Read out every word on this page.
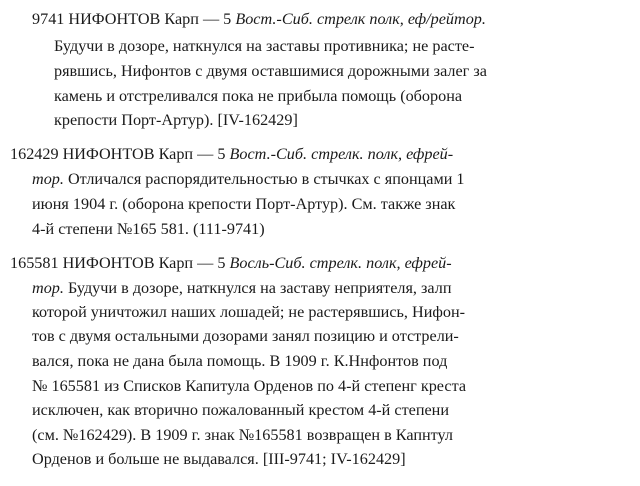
9741 НИФОНТОВ Карп — 5 Вост.-Сиб. стрелк полк, еф/рейтор.
Будучи в дозоре, наткнулся на заставы противника; не расте-
рявшись, Нифонтов с двумя оставшимися дорожными залег за
камень и отстреливался пока не прибыла помощь (оборона
крепости Порт-Артур). [IV-162429]
162429 НИФОНТОВ Карп — 5 Вост.-Сиб. стрелк. полк, ефрей-
тор. Отличался распорядительностью в стычках с японцами 1
июня 1904 г. (оборона крепости Порт-Артур). См. также знак
4-й степени №165 581. (111-9741)
165581 НИФОНТОВ Карп — 5 Восль-Сиб. стрелк. полк, ефрей-
тор. Будучи в дозоре, наткнулся на заставу неприятеля, залп
которой уничтожил наших лошадей; не растерявшись, Нифон-
тов с двумя остальными дозорами занял позицию и отстрели-
вался, пока не дана была помощь. В 1909 г. К.Ннфонтов под
№ 165581 из Списков Капитула Орденов по 4-й степенг креста
исключен, как вторично пожалованный крестом 4-й степени
(см. №162429). В 1909 г. знак №165581 возвращен в Капнтул
Орденов и больше не выдавался. [III-9741; IV-162429]
